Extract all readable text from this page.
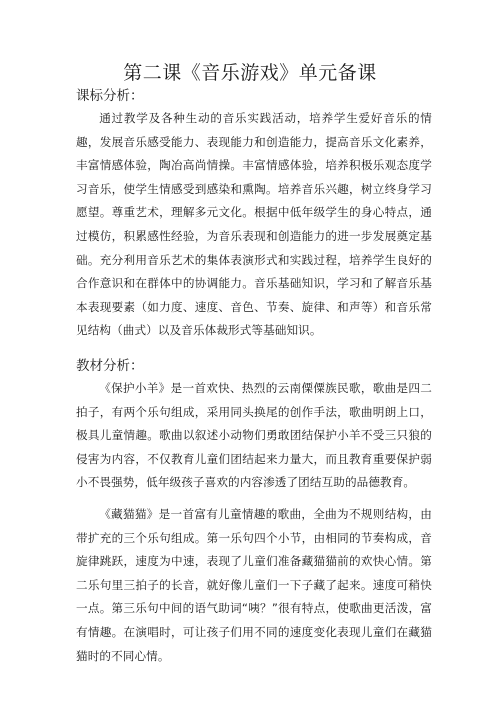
第二课《音乐游戏》单元备课
课标分析：
通过教学及各种生动的音乐实践活动，培养学生爱好音乐的情趣，发展音乐感受能力、表现能力和创造能力，提高音乐文化素养，丰富情感体验，陶冶高尚情操。丰富情感体验，培养积极乐观态度学习音乐，使学生情感受到感染和熏陶。培养音乐兴趣，树立终身学习愿望。尊重艺术，理解多元文化。根据中低年级学生的身心特点，通过模仿，积累感性经验，为音乐表现和创造能力的进一步发展奠定基础。充分利用音乐艺术的集体表演形式和实践过程，培养学生良好的合作意识和在群体中的协调能力。音乐基础知识，学习和了解音乐基本表现要素（如力度、速度、音色、节奏、旋律、和声等）和音乐常见结构（曲式）以及音乐体裁形式等基础知识。
教材分析：
《保护小羊》是一首欢快、热烈的云南傈僳族民歌，歌曲是四二拍子，有两个乐句组成，采用同头换尾的创作手法，歌曲明朗上口，极具儿童情趣。歌曲以叙述小动物们勇敢团结保护小羊不受三只狼的侵害为内容，不仅教育儿童们团结起来力量大，而且教育重要保护弱小不畏强势，低年级孩子喜欢的内容渗透了团结互助的品德教育。
《藏猫猫》是一首富有儿童情趣的歌曲，全曲为不规则结构，由带扩充的三个乐句组成。第一乐句四个小节，由相同的节奏构成，音旋律跳跃，速度为中速，表现了儿童们准备藏猫猫前的欢快心情。第二乐句里三拍子的长音，就好像儿童们一下子藏了起来。速度可稍快一点。第三乐句中间的语气助词“咦？”很有特点，使歌曲更活泼，富有情趣。在演唱时，可让孩子们用不同的速度变化表现儿童们在藏猫猫时的不同心情。
